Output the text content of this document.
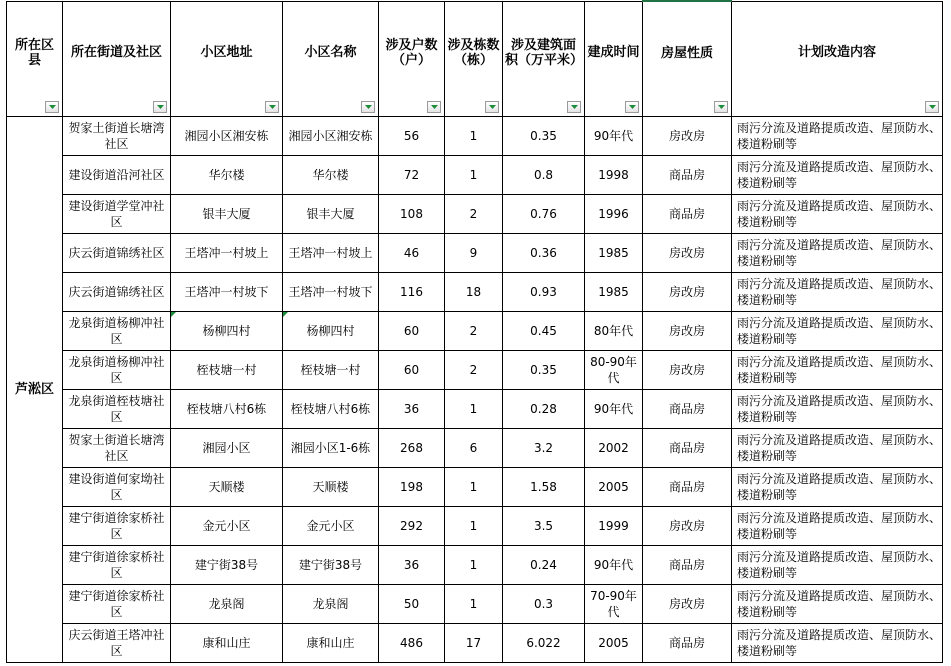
所在区县	所在街道及社区	小区地址	小区名称	涉及户数（户）	涉及栋数（栋）	涉及建筑面积（万平米）	建成时间	房屋性质	计划改造内容

芦淞区	贺家土街道长塘湾社区	湘园小区湘安栋	湘园小区湘安栋	56	1	0.35	90年代	房改房	雨污分流及道路提质改造、屋顶防水、楼道粉刷等
	建设街道沿河社区	华尔楼	华尔楼	72	1	0.8	1998	商品房	雨污分流及道路提质改造、屋顶防水、楼道粉刷等
	建设街道学堂冲社区	银丰大厦	银丰大厦	108	2	0.76	1996	商品房	雨污分流及道路提质改造、屋顶防水、楼道粉刷等
	庆云街道锦绣社区	王塔冲一村坡上	王塔冲一村坡上	46	9	0.36	1985	房改房	雨污分流及道路提质改造、屋顶防水、楼道粉刷等
	庆云街道锦绣社区	王塔冲一村坡下	王塔冲一村坡下	116	18	0.93	1985	房改房	雨污分流及道路提质改造、屋顶防水、楼道粉刷等
	龙泉街道杨柳冲社区	杨柳四村	杨柳四村	60	2	0.45	80年代	房改房	雨污分流及道路提质改造、屋顶防水、楼道粉刷等
	龙泉街道杨柳冲社区	桎枝塘一村	桎枝塘一村	60	2	0.35	80-90年代	房改房	雨污分流及道路提质改造、屋顶防水、楼道粉刷等
	龙泉街道桎枝塘社区	桎枝塘八村6栋	桎枝塘八村6栋	36	1	0.28	90年代	商品房	雨污分流及道路提质改造、屋顶防水、楼道粉刷等
	贺家土街道长塘湾社区	湘园小区	湘园小区1-6栋	268	6	3.2	2002	商品房	雨污分流及道路提质改造、屋顶防水、楼道粉刷等
	建设街道何家坳社区	天顺楼	天顺楼	198	1	1.58	2005	商品房	雨污分流及道路提质改造、屋顶防水、楼道粉刷等
	建宁街道徐家桥社区	金元小区	金元小区	292	1	3.5	1999	房改房	雨污分流及道路提质改造、屋顶防水、楼道粉刷等
	建宁街道徐家桥社区	建宁街38号	建宁街38号	36	1	0.24	90年代	商品房	雨污分流及道路提质改造、屋顶防水、楼道粉刷等
	建宁街道徐家桥社区	龙泉阁	龙泉阁	50	1	0.3	70-90年代	房改房	雨污分流及道路提质改造、屋顶防水、楼道粉刷等
	庆云街道王塔冲社区	康和山庄	康和山庄	486	17	6.022	2005	商品房	雨污分流及道路提质改造、屋顶防水、楼道粉刷等
